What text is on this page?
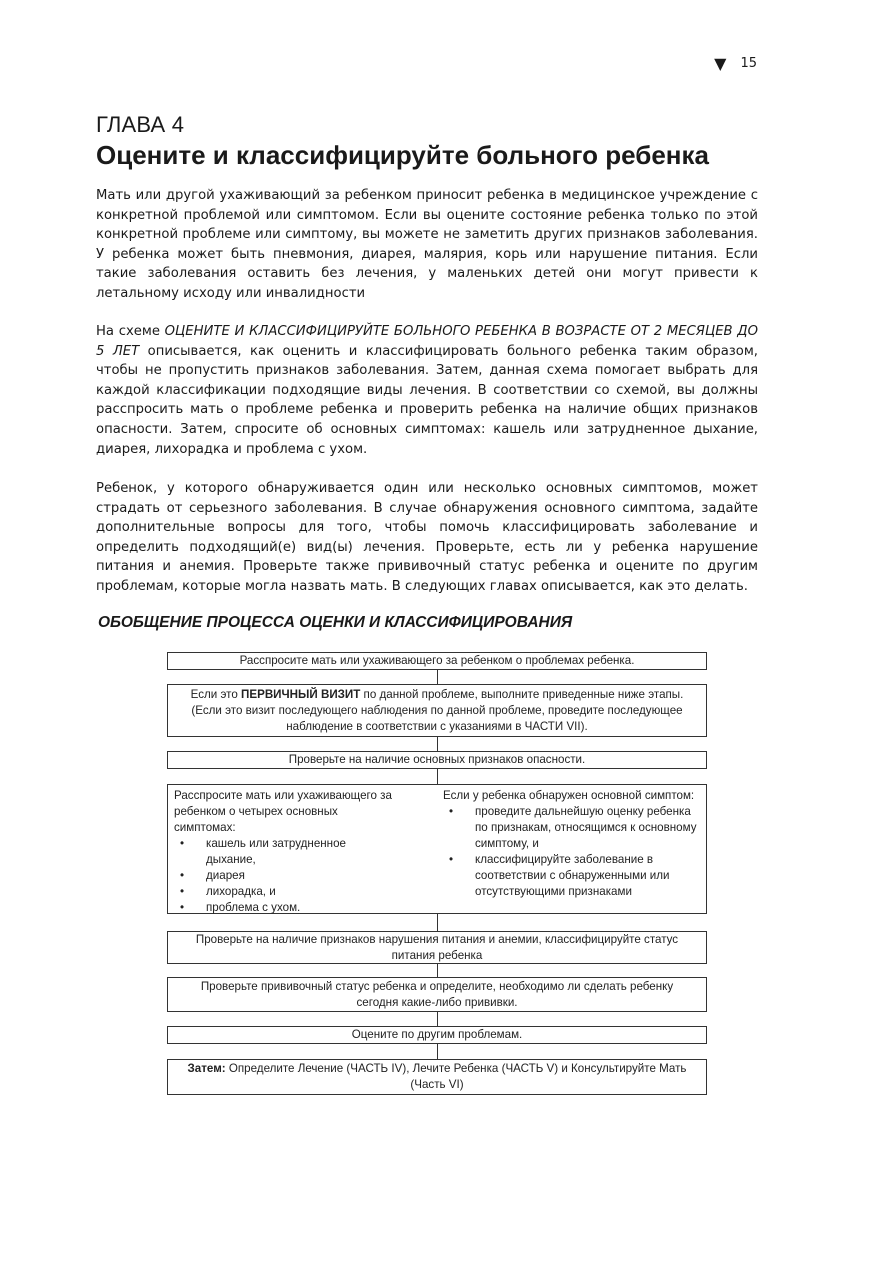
▼ 15
ГЛАВА 4
Оцените и классифицируйте больного ребенка

Мать или другой ухаживающий за ребенком приносит ребенка в медицинское учреждение с конкретной проблемой или симптомом. Если вы оцените состояние ребенка только по этой конкретной проблеме или симптому, вы можете не заметить других признаков заболевания. У ребенка может быть пневмония, диарея, малярия, корь или нарушение питания. Если такие заболевания оставить без лечения, у маленьких детей они могут привести к летальному исходу или инвалидности

На схеме ОЦЕНИТЕ И КЛАССИФИЦИРУЙТЕ БОЛЬНОГО РЕБЕНКА В ВОЗРАСТЕ ОТ 2 МЕСЯЦЕВ ДО 5 ЛЕТ описывается, как оценить и классифицировать больного ребенка таким образом, чтобы не пропустить признаков заболевания. Затем, данная схема помогает выбрать для каждой классификации подходящие виды лечения. В соответствии со схемой, вы должны расспросить мать о проблеме ребенка и проверить ребенка на наличие общих признаков опасности. Затем, спросите об основных симптомах: кашель или затрудненное дыхание, диарея, лихорадка и проблема с ухом.

Ребенок, у которого обнаруживается один или несколько основных симптомов, может страдать от серьезного заболевания. В случае обнаружения основного симптома, задайте дополнительные вопросы для того, чтобы помочь классифицировать заболевание и определить подходящий(е) вид(ы) лечения. Проверьте, есть ли у ребенка нарушение питания и анемия. Проверьте также прививочный статус ребенка и оцените по другим проблемам, которые могла назвать мать. В следующих главах описывается, как это делать.

ОБОБЩЕНИЕ ПРОЦЕССА ОЦЕНКИ И КЛАССИФИЦИРОВАНИЯ
Расспросите мать или ухаживающего за ребенком о проблемах ребенка.
Если это ПЕРВИЧНЫЙ ВИЗИТ по данной проблеме, выполните приведенные ниже этапы. (Если это визит последующего наблюдения по данной проблеме, проведите последующее наблюдение в соответствии с указаниями в ЧАСТИ VII).
Проверьте на наличие основных признаков опасности.
Расспросите мать или ухаживающего за ребенком о четырех основных симптомах:
• кашель или затрудненное дыхание,
• диарея
• лихорадка, и
• проблема с ухом.
Если у ребенка обнаружен основной симптом:
• проведите дальнейшую оценку ребенка по признакам, относящимся к основному симптому, и
• классифицируйте заболевание в соответствии с обнаруженными или отсутствующими признаками
Проверьте на наличие признаков нарушения питания и анемии, классифицируйте статус питания ребенка
Проверьте прививочный статус ребенка и определите, необходимо ли сделать ребенку сегодня какие-либо прививки.
Оцените по другим проблемам.
Затем: Определите Лечение (ЧАСТЬ IV), Лечите Ребенка (ЧАСТЬ V) и Консультируйте Мать (Часть VI)
